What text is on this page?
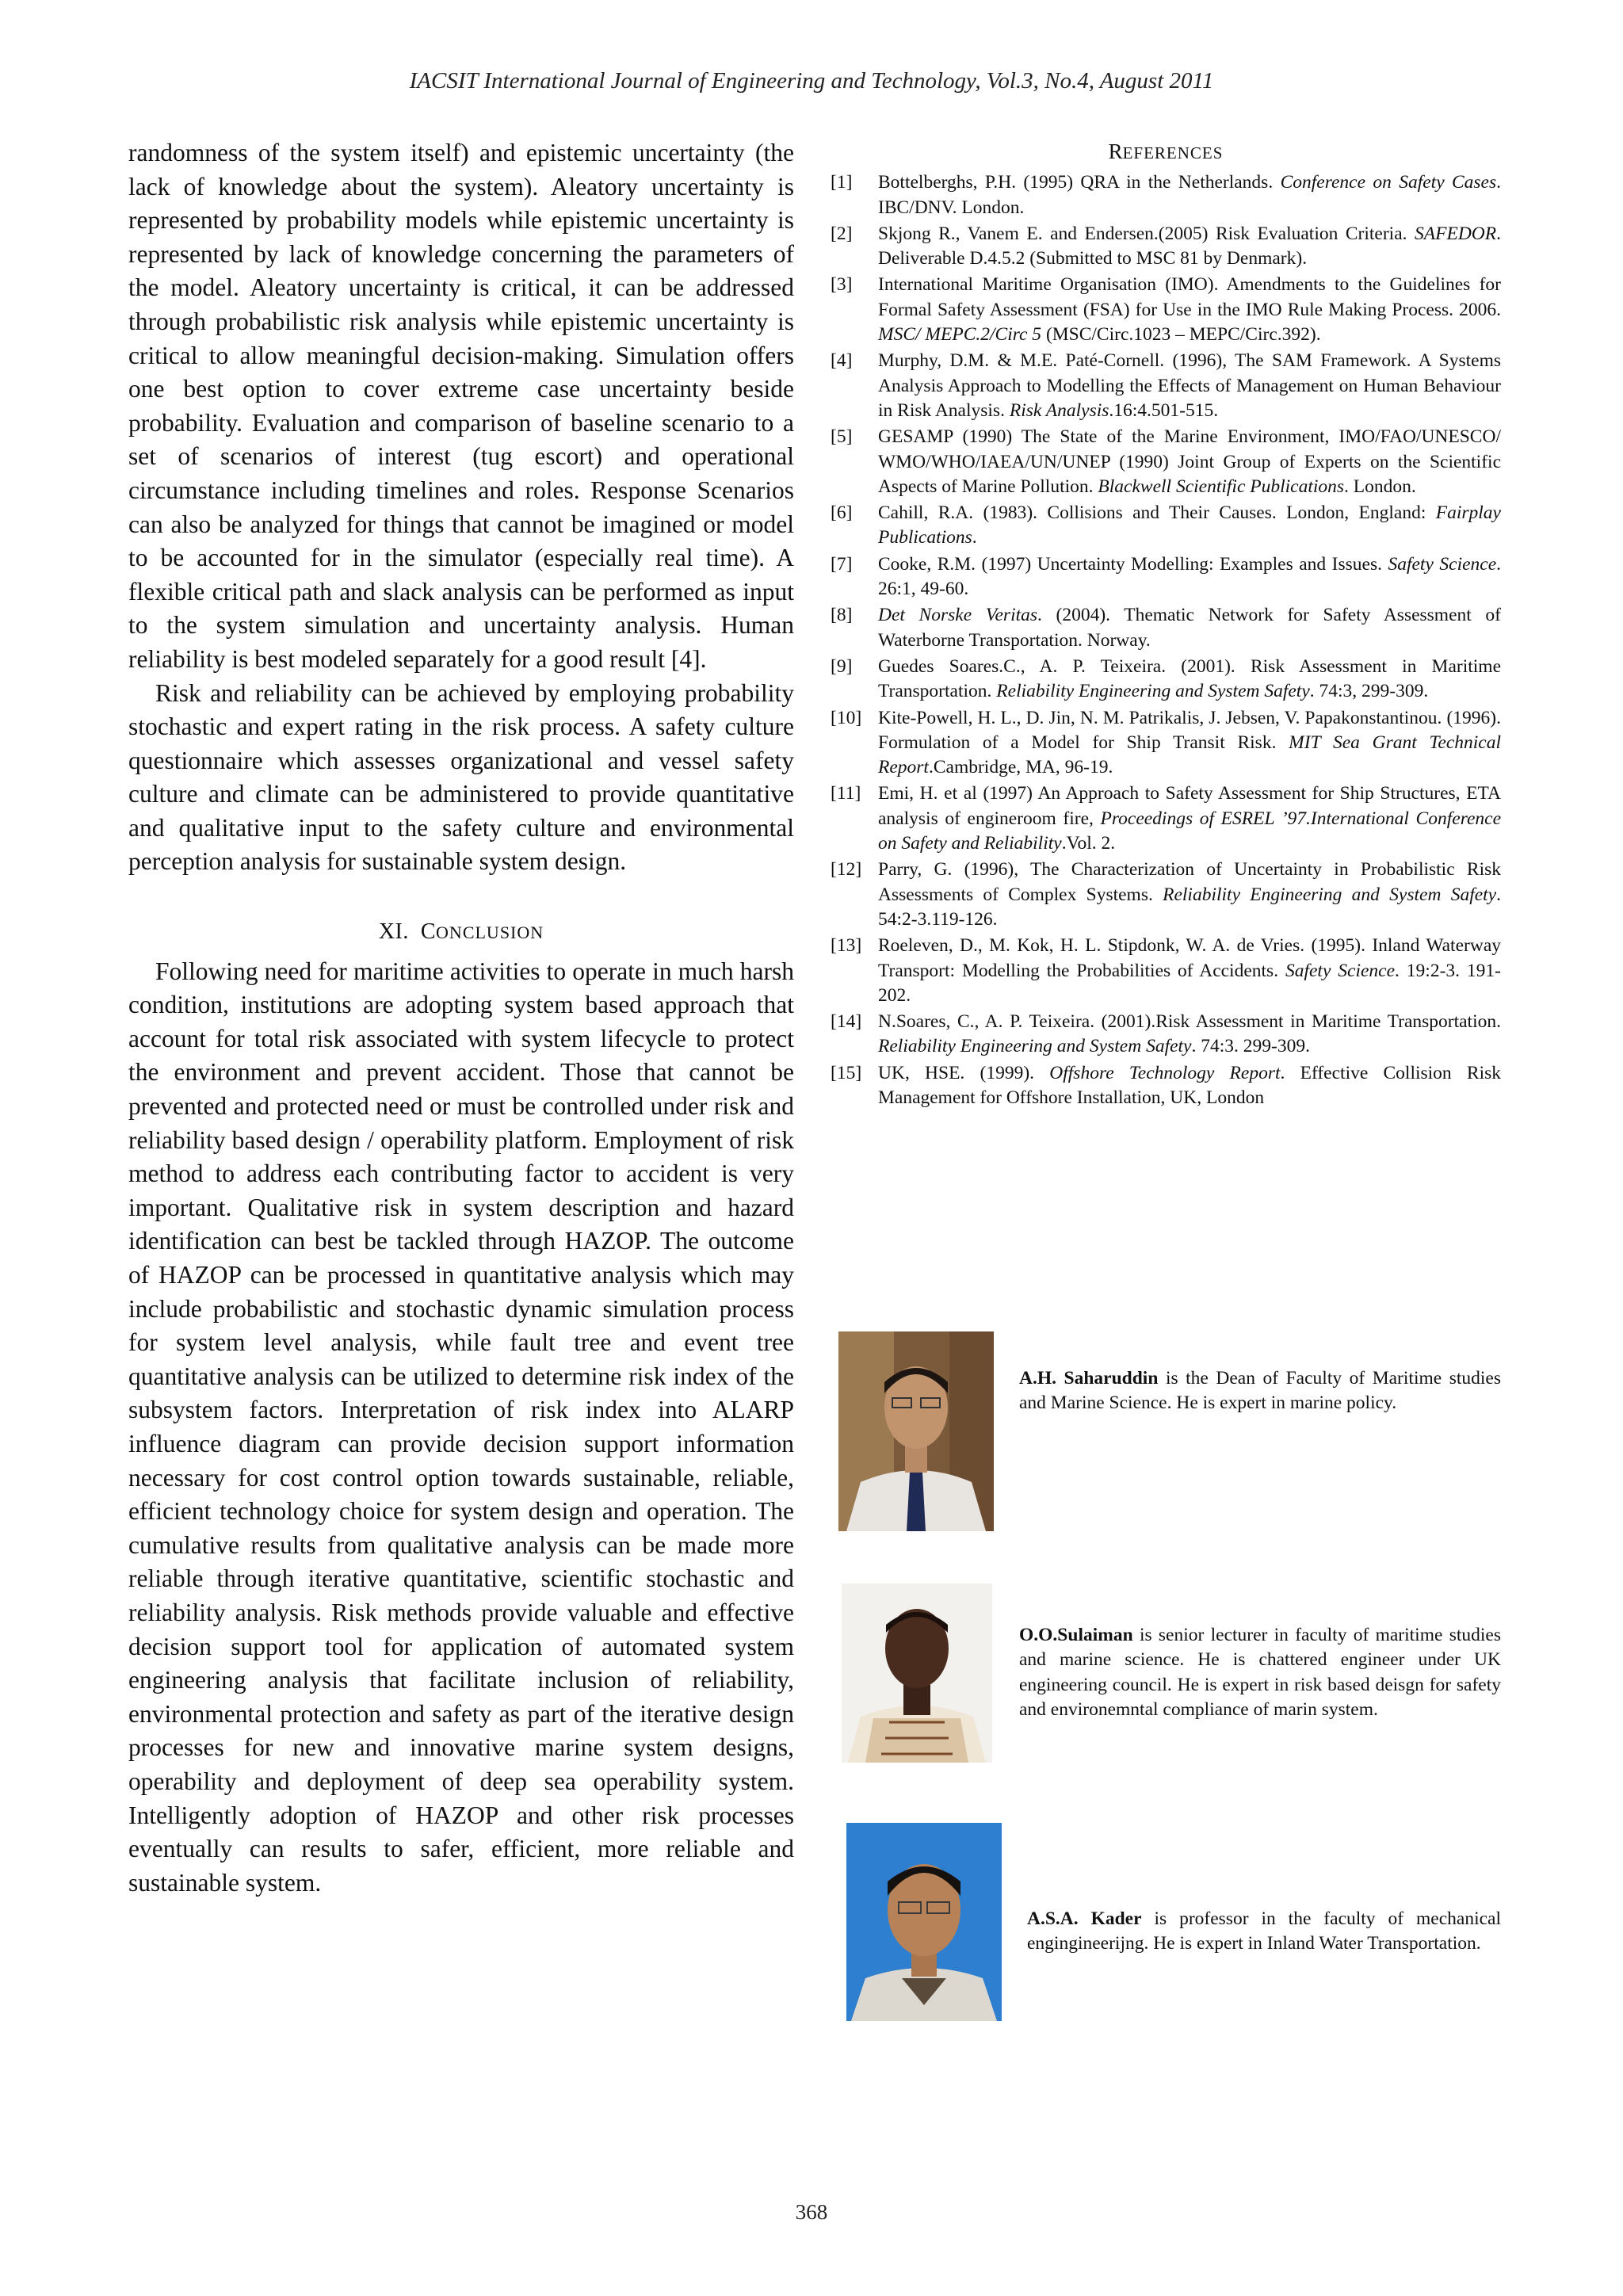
IACSIT International Journal of Engineering and Technology, Vol.3, No.4, August 2011

randomness of the system itself) and epistemic uncertainty (the lack of knowledge about the system). Aleatory uncertainty is represented by probability models while epistemic uncertainty is represented by lack of knowledge concerning the parameters of the model. Aleatory uncertainty is critical, it can be addressed through probabilistic risk analysis while epistemic uncertainty is critical to allow meaningful decision-making. Simulation offers one best option to cover extreme case uncertainty beside probability. Evaluation and comparison of baseline scenario to a set of scenarios of interest (tug escort) and operational circumstance including timelines and roles. Response Scenarios can also be analyzed for things that cannot be imagined or model to be accounted for in the simulator (especially real time). A flexible critical path and slack analysis can be performed as input to the system simulation and uncertainty analysis. Human reliability is best modeled separately for a good result [4].

Risk and reliability can be achieved by employing probability stochastic and expert rating in the risk process. A safety culture questionnaire which assesses organizational and vessel safety culture and climate can be administered to provide quantitative and qualitative input to the safety culture and environmental perception analysis for sustainable system design.

XI. CONCLUSION

Following need for maritime activities to operate in much harsh condition, institutions are adopting system based approach that account for total risk associated with system lifecycle to protect the environment and prevent accident. Those that cannot be prevented and protected need or must be controlled under risk and reliability based design / operability platform. Employment of risk method to address each contributing factor to accident is very important. Qualitative risk in system description and hazard identification can best be tackled through HAZOP. The outcome of HAZOP can be processed in quantitative analysis which may include probabilistic and stochastic dynamic simulation process for system level analysis, while fault tree and event tree quantitative analysis can be utilized to determine risk index of the subsystem factors. Interpretation of risk index into ALARP influence diagram can provide decision support information necessary for cost control option towards sustainable, reliable, efficient technology choice for system design and operation. The cumulative results from qualitative analysis can be made more reliable through iterative quantitative, scientific stochastic and reliability analysis. Risk methods provide valuable and effective decision support tool for application of automated system engineering analysis that facilitate inclusion of reliability, environmental protection and safety as part of the iterative design processes for new and innovative marine system designs, operability and deployment of deep sea operability system. Intelligently adoption of HAZOP and other risk processes eventually can results to safer, efficient, more reliable and sustainable system.

REFERENCES
[1]	Bottelberghs, P.H. (1995) QRA in the Netherlands. Conference on Safety Cases. IBC/DNV. London.
[2]	Skjong R., Vanem E. and Endersen.(2005) Risk Evaluation Criteria. SAFEDOR. Deliverable D.4.5.2 (Submitted to MSC 81 by Denmark).
[3]	International Maritime Organisation (IMO). Amendments to the Guidelines for Formal Safety Assessment (FSA) for Use in the IMO Rule Making Process. 2006. MSC/ MEPC.2/Circ 5 (MSC/Circ.1023 – MEPC/Circ.392).
[4]	Murphy, D.M. & M.E. Paté-Cornell. (1996), The SAM Framework. A Systems Analysis Approach to Modelling the Effects of Management on Human Behaviour in Risk Analysis. Risk Analysis.16:4.501-515.
[5]	GESAMP (1990) The State of the Marine Environment, IMO/FAO/UNESCO/ WMO/WHO/IAEA/UN/UNEP (1990) Joint Group of Experts on the Scientific Aspects of Marine Pollution. Blackwell Scientific Publications. London.
[6]	Cahill, R.A. (1983). Collisions and Their Causes. London, England: Fairplay Publications.
[7]	Cooke, R.M. (1997) Uncertainty Modelling: Examples and Issues. Safety Science. 26:1, 49-60.
[8]	Det Norske Veritas. (2004). Thematic Network for Safety Assessment of Waterborne Transportation. Norway.
[9]	Guedes Soares.C., A. P. Teixeira. (2001). Risk Assessment in Maritime Transportation. Reliability Engineering and System Safety. 74:3, 299-309.
[10] Kite-Powell, H. L., D. Jin, N. M. Patrikalis, J. Jebsen, V. Papakonstantinou. (1996). Formulation of a Model for Ship Transit Risk. MIT Sea Grant Technical Report.Cambridge, MA, 96-19.
[11] Emi, H. et al (1997) An Approach to Safety Assessment for Ship Structures, ETA analysis of engineroom fire, Proceedings of ESREL ’97.International Conference on Safety and Reliability.Vol. 2.
[12] Parry, G. (1996), The Characterization of Uncertainty in Probabilistic Risk Assessments of Complex Systems. Reliability Engineering and System Safety. 54:2-3.119-126.
[13] Roeleven, D., M. Kok, H. L. Stipdonk, W. A. de Vries. (1995). Inland Waterway Transport: Modelling the Probabilities of Accidents. Safety Science. 19:2-3. 191-202.
[14] N.Soares, C., A. P. Teixeira. (2001).Risk Assessment in Maritime Transportation. Reliability Engineering and System Safety. 74:3. 299-309.
[15] UK, HSE. (1999). Offshore Technology Report. Effective Collision Risk Management for Offshore Installation, UK, London
A.H. Saharuddin is the Dean of Faculty of Maritime studies and Marine Science. He is expert in marine policy.
O.O.Sulaiman is senior lecturer in faculty of maritime studies and marine science. He is chattered engineer under UK engineering council. He is expert in risk based deisgn for safety and environemntal compliance of marin system.
A.S.A. Kader is professor in the faculty of mechanical engingineerijng. He is expert in Inland Water Transportation.
368
